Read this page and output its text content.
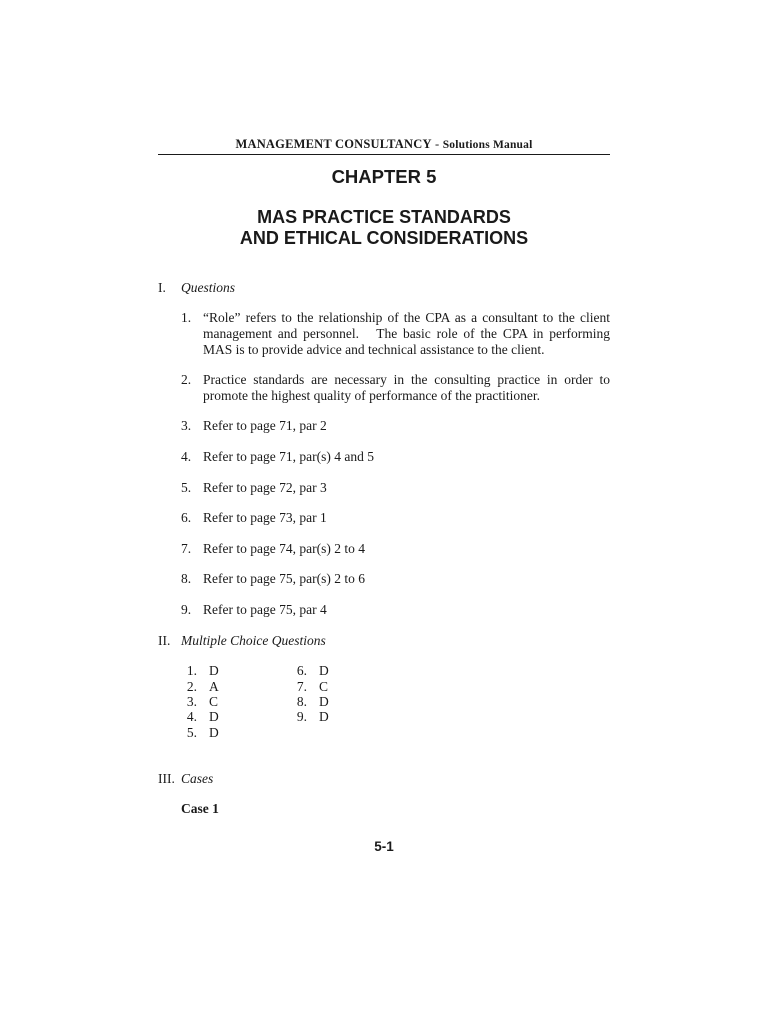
MANAGEMENT CONSULTANCY - Solutions Manual
CHAPTER 5
MAS PRACTICE STANDARDS
AND ETHICAL CONSIDERATIONS
I. Questions
1. “Role” refers to the relationship of the CPA as a consultant to the client
management and personnel.   The basic role of the CPA in performing
MAS is to provide advice and technical assistance to the client.
2. Practice standards are necessary in the consulting practice in order to
promote the highest quality of performance of the practitioner.
3. Refer to page 71, par 2
4. Refer to page 71, par(s) 4 and 5
5. Refer to page 72, par 3
6. Refer to page 73, par 1
7. Refer to page 74, par(s) 2 to 4
8. Refer to page 75, par(s) 2 to 6
9. Refer to page 75, par 4
II. Multiple Choice Questions
1. D
2. A
3. C
4. D
5. D
6. D
7. C
8. D
9. D
III. Cases
Case 1
5-1
